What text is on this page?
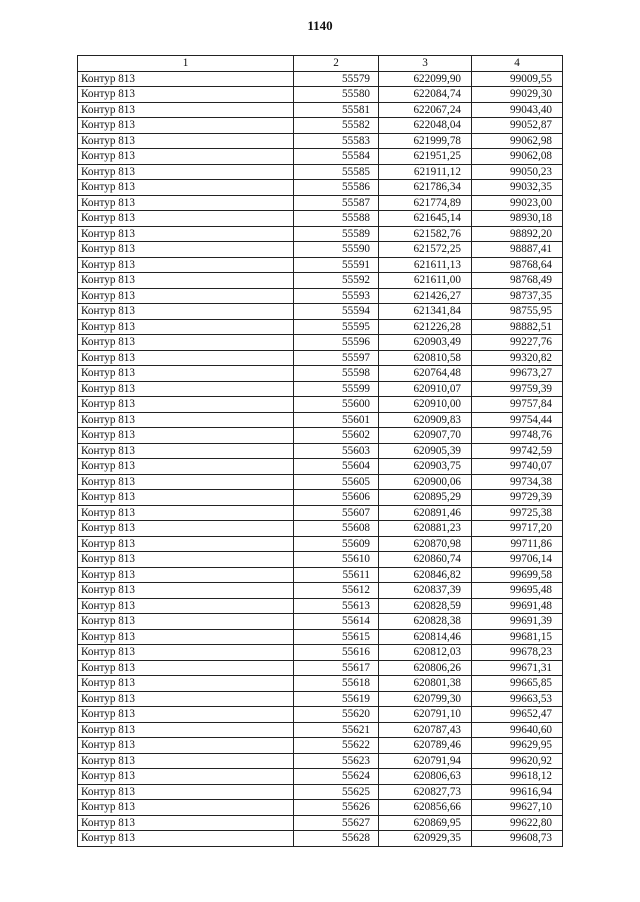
1140
1	2	3	4
Контур 813	55579	622099,90	99009,55
Контур 813	55580	622084,74	99029,30
Контур 813	55581	622067,24	99043,40
Контур 813	55582	622048,04	99052,87
Контур 813	55583	621999,78	99062,98
Контур 813	55584	621951,25	99062,08
Контур 813	55585	621911,12	99050,23
Контур 813	55586	621786,34	99032,35
Контур 813	55587	621774,89	99023,00
Контур 813	55588	621645,14	98930,18
Контур 813	55589	621582,76	98892,20
Контур 813	55590	621572,25	98887,41
Контур 813	55591	621611,13	98768,64
Контур 813	55592	621611,00	98768,49
Контур 813	55593	621426,27	98737,35
Контур 813	55594	621341,84	98755,95
Контур 813	55595	621226,28	98882,51
Контур 813	55596	620903,49	99227,76
Контур 813	55597	620810,58	99320,82
Контур 813	55598	620764,48	99673,27
Контур 813	55599	620910,07	99759,39
Контур 813	55600	620910,00	99757,84
Контур 813	55601	620909,83	99754,44
Контур 813	55602	620907,70	99748,76
Контур 813	55603	620905,39	99742,59
Контур 813	55604	620903,75	99740,07
Контур 813	55605	620900,06	99734,38
Контур 813	55606	620895,29	99729,39
Контур 813	55607	620891,46	99725,38
Контур 813	55608	620881,23	99717,20
Контур 813	55609	620870,98	99711,86
Контур 813	55610	620860,74	99706,14
Контур 813	55611	620846,82	99699,58
Контур 813	55612	620837,39	99695,48
Контур 813	55613	620828,59	99691,48
Контур 813	55614	620828,38	99691,39
Контур 813	55615	620814,46	99681,15
Контур 813	55616	620812,03	99678,23
Контур 813	55617	620806,26	99671,31
Контур 813	55618	620801,38	99665,85
Контур 813	55619	620799,30	99663,53
Контур 813	55620	620791,10	99652,47
Контур 813	55621	620787,43	99640,60
Контур 813	55622	620789,46	99629,95
Контур 813	55623	620791,94	99620,92
Контур 813	55624	620806,63	99618,12
Контур 813	55625	620827,73	99616,94
Контур 813	55626	620856,66	99627,10
Контур 813	55627	620869,95	99622,80
Контур 813	55628	620929,35	99608,73
